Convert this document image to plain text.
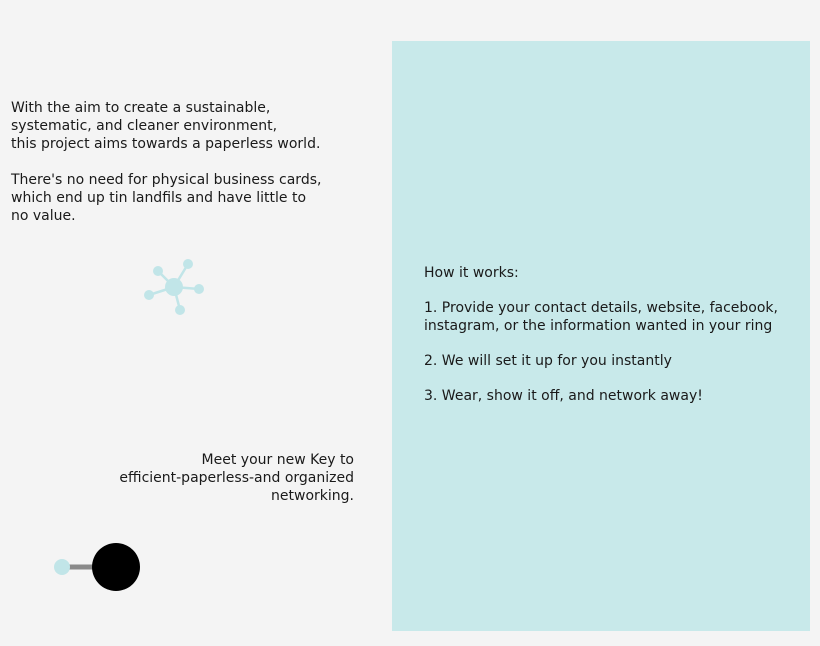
With the aim to create a sustainable,
systematic, and cleaner environment,
this project aims towards a paperless world.

There's no need for physical business cards,
which end up tin landfils and have little to
no value.

Meet your new Key to
efficient-paperless-and organized
networking.

How it works:

1. Provide your contact details, website, facebook,
instagram, or the information wanted in your ring

2. We will set it up for you instantly

3. Wear, show it off, and network away!
